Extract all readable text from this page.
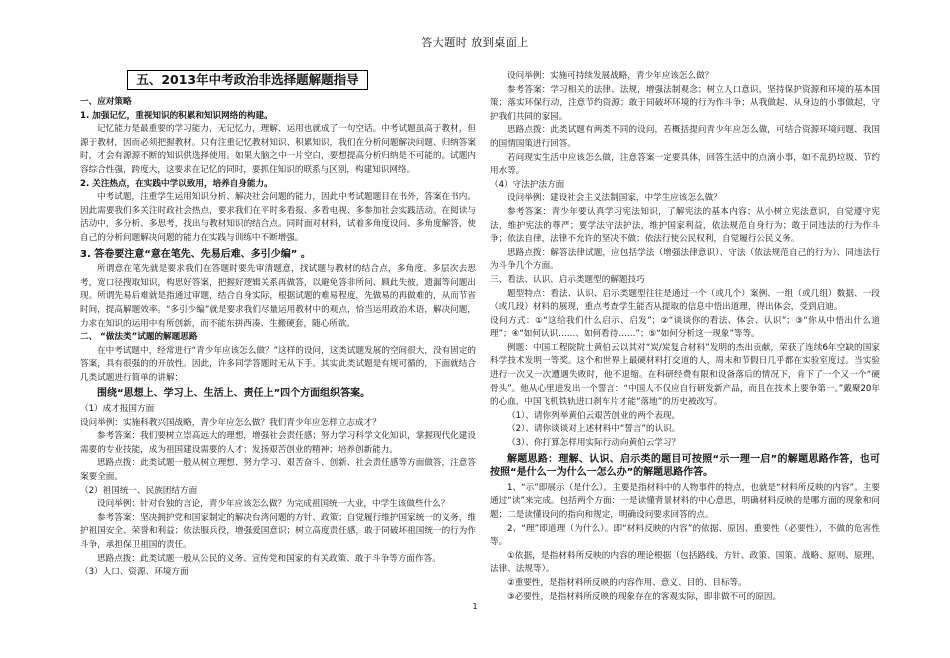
答大题时 放到桌面上
五、2013年中考政治非选择题解题指导

一、应对策略

1. 加强记忆，重视知识的积累和知识网络的构建。

记忆能力是最重要的学习能力，无记忆力，理解、运用也就成了一句空话。中考试题虽高于教材，但源于教材，因而必须把握教材。只有注重记忆教材知识、积累知识，我们在分析问题解决问题、归纳答案时，才会有源源不断的知识供选择使用。如果大脑之中一片空白，要想提高分析归纳是不可能的。试题内容综合性强，跨度大，这要求在记忆的同时，要抓住知识的联系与区别，构建知识网络。

2. 关注热点，在实践中学以致用，培养自身能力。

中考试题，注重学生运用知识分析、解决社会问题的能力，因此中考试题题目在书外，答案在书内。因此需要我们多关注时政社会热点，要求我们在平时多看报、多看电视、多参加社会实践活动。在阅读与活动中，多分析、多思考，找出与教材知识的结合点。同时面对材料，试着多角度设问、多角度解答，使自己的分析问题解决问题的能力在实践与训练中不断增强。

3. 答卷要注意“意在笔先、先易后难、多引少编” 。

所谓意在笔先就是要求我们在答题时要先审清题意，找试题与教材的结合点，多角度、多层次去思考，宽口径搜取知识，构思好答案，把握好逻辑关系再做答，以避免答非所问、顾此失彼，遗漏等问题出现。所谓先易后难就是指通过审题，结合自身实际，根据试题的难易程度，先做易的再做难的，从而节省时间，提高解题效率。“多引少编”就是要求我们尽量运用教材中的观点，恰当运用政治术语，解决问题，力求在知识的运用中有所创新，而不能东拼西凑、生搬硬套，随心所欲。

二、 “做法类”试题的解题思路

在中考试题中，经常进行“青少年应该怎么做？”这样的设问，这类试题发展的空间很大，没有固定的答案，具有很强的的开放性。因此，许多同学答题时无从下手。其实此类试题是有规可循的，下面就结合几类试题进行简单的讲解：

围绕“思想上、学习上、生活上、责任上”四个方面组织答案。

（1）成才报国方面

设问举例：实施科教兴国战略，青少年应怎么做？我们青少年应怎样立志成才？

参考答案：我们要树立崇高远大的理想，增强社会责任感；努力学习科学文化知识，掌握现代化建设需要的专业技能，成为祖国建设需要的人才；发扬艰苦创业的精神；培养创新能力。

思路点拨：此类试题一般从树立理想、努力学习、艰苦奋斗、创新、社会责任感等方面做答，注意答案要全面。

（2）祖国统一、民族团结方面

设问举例：针对台独的言论，青少年应该怎么做？为完成祖国统一大业，中学生该做些什么？

参考答案：坚决拥护党和国家制定的解决台湾问题的方针、政策；自觉履行维护国家统一的义务，维护祖国安全、荣誉和利益；依法服兵役，增强爱国意识；树立高度责任感，敢于同破坏祖国统一的行为作斗争，承担保卫祖国的责任。

思路点拨：此类试题一般从公民的义务、宣传党和国家的有关政策、敢于斗争等方面作答。

（3）人口、资源、环境方面

设问举例：实施可持续发展战略，青少年应该怎么做？

参考答案：学习相关的法律、法规，增强法制观念；树立人口意识，坚持保护资源和环境的基本国策；落实环保行动，注意节约资源；敢于同破坏环境的行为作斗争；从我做起、从身边的小事做起，守护我们共同的家园。

思路点拨：此类试题有两类不同的设问，若概括提问青少年应怎么做，可结合资源环境问题、我国的国情国策进行回答。

若问现实生活中应该怎么做，注意答案一定要具体，回答生活中的点滴小事，如不乱扔垃圾、节约用水等。

（4）守法护法方面

设问举例：建设社会主义法制国家，中学生应该怎么做？

参考答案：青少年要认真学习宪法知识，了解宪法的基本内容；从小树立宪法意识，自觉遵守宪法，维护宪法的尊严；要学法守法护法，维护国家利益，依法规范自身行为；敢于同违法的行为作斗争；依法自律，法律不允许的坚决不做；依法行使公民权利，自觉履行公民义务。

思路点拨：解答法律试题，应包括学法（增强法律意识）、守法（依法规范自己的行为）、同违法行为斗争几个方面。

三、看法、认识、启示类题型的解题技巧

题型特点：看法、认识、启示类题型往往是通过一个（或几个）案例、一组（或几组）数据、一段（或几段）材料的展现，重点考查学生能否从提取的信息中悟出道理，得出体会，受到启迪。

设问方式：①“这给我们什么启示、启发”；②“谈谈你的看法、体会、认识”；③“你从中悟出什么道理”；④“如何认识……、如何看待……”；⑤“如何分析这一现象”等等。

例题：中国工程院院士黄伯云以其对“炭/炭复合材料”发明的杰出贡献，荣获了连续6年空缺的国家科学技术发明一等奖。这个和世界上最硬材料打交道的人，周末和节假日几乎都在实验室度过。当实验进行一次又一次遭遇失败时，他不退缩。在科研经费有限和设备落后的情况下，肯下了一个又一个“硬骨头”。他从心里进发出一个誓言：“中国人不仅应自行研发新产品，而且在技术上要争第一。”戴聚20年的心血，中国飞机铁轨进口刹车片才能“落地”的历史被改写。

（1）、请你列举黄伯云艰苦创业的两个表现。

（2）、请你谈谈对上述材料中“誓言”的认识。

（3）、你打算怎样用实际行动向黄伯云学习？

解题思路：理解、认识、启示类的题目可按照“示一理一启”的解题思路作答，也可按照“是什么一为什么一怎么办”的解题思路作答。

1、“示”即展示（是什么）。主要是指材料中的人物事件的特点，也就是“材料所反映的内容”。主要通过“读”来完成。包括两个方面：一是读懂背景材料的中心意思，明确材料反映的是哪方面的现象和问题；二是读懂设问的指向和规定，明确设问要求回答的点。

2、“理”即道理（为什么）。即“材料反映的内容”的依据、原因、重要性（必要性），不做的危害性等。

①依据，是指材料所反映的内容的理论根据（包括路线、方针、政策、国策、战略、原则、原理、法律、法规等）。

②重要性，是指材料所反映的内容作用、意义、目的、目标等。

③必要性，是指材料所反映的现象存在的客观实际，即非做不可的原因。

1
